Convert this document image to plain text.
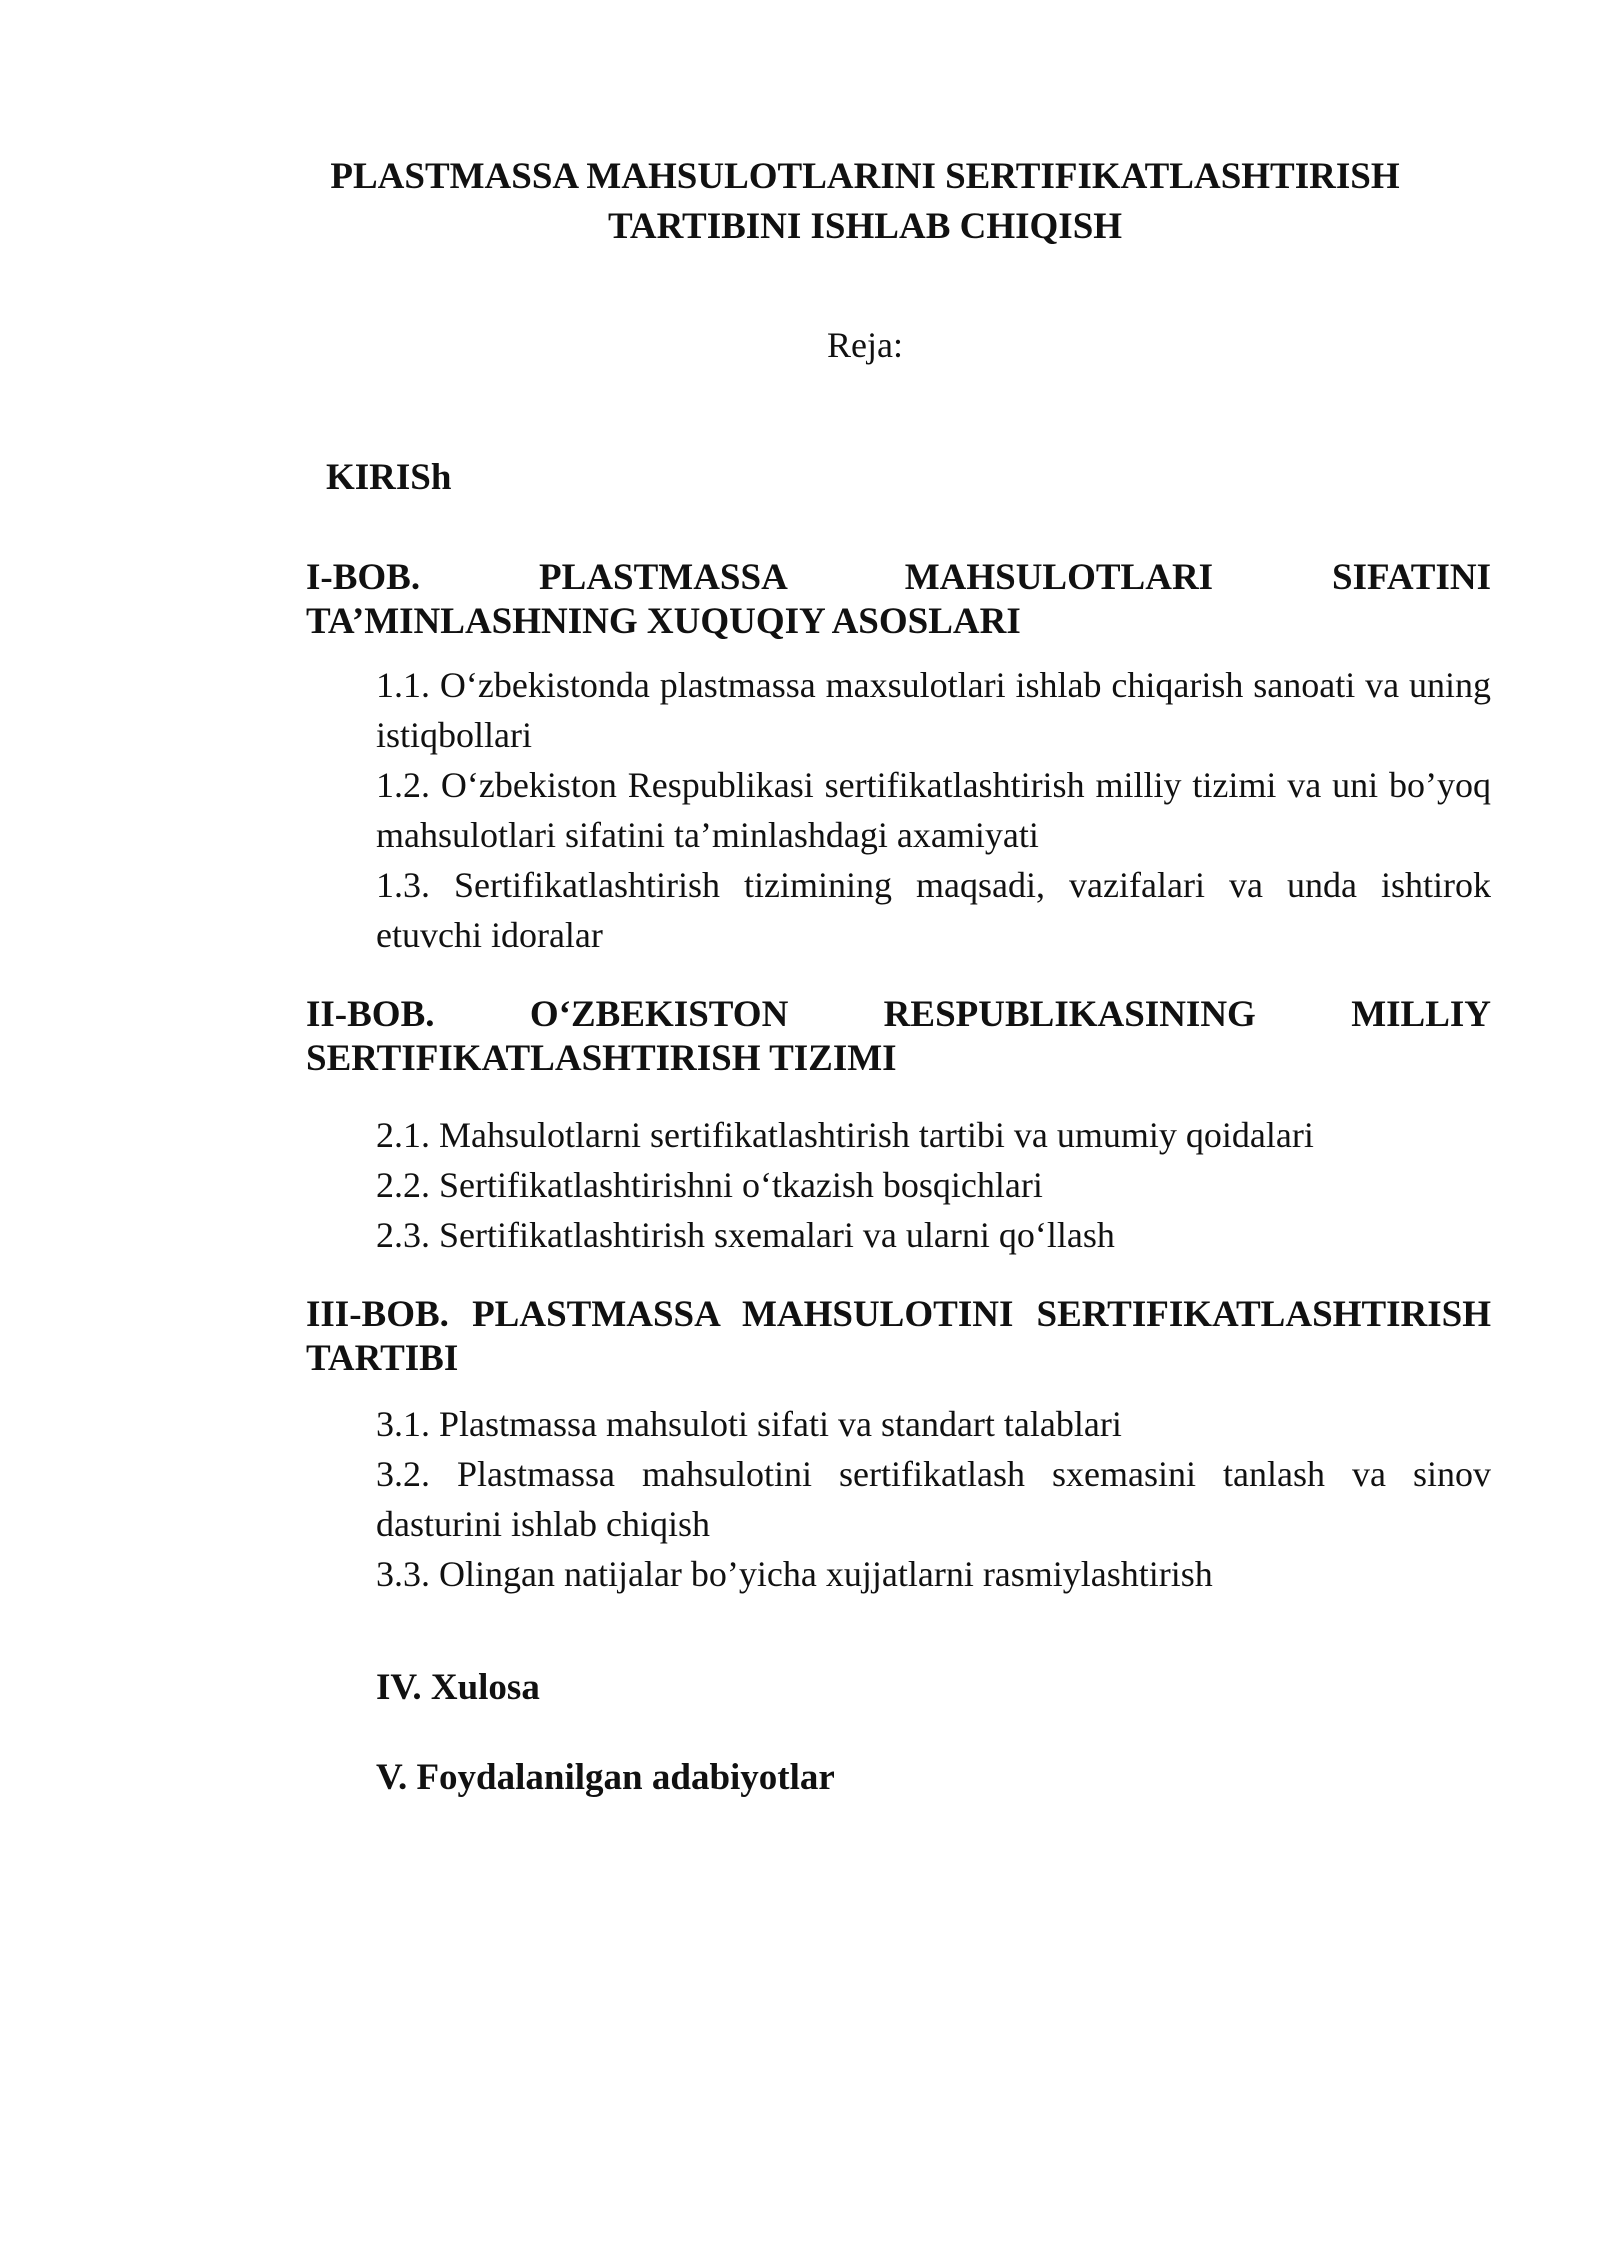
PLASTMASSA MAHSULOTLARINI SERTIFIKATLASHTIRISH
TARTIBINI ISHLAB CHIQISH
Reja:
KIRISh
I-BOB. PLASTMASSA MAHSULOTLARI SIFATINI TA’MINLASHNING XUQUQIY ASOSLARI

1.1. O‘zbekistonda plastmassa maxsulotlari ishlab chiqarish sanoati va uning istiqbollari

1.2. O‘zbekiston Respublikasi sertifikatlashtirish milliy tizimi va uni bo’yoq mahsulotlari sifatini ta’minlashdagi axamiyati

1.3. Sertifikatlashtirish tizimining maqsadi, vazifalari va unda ishtirok etuvchi idoralar

II-BOB. O‘ZBEKISTON RESPUBLIKASINING MILLIY SERTIFIKATLASHTIRISH TIZIMI

2.1. Mahsulotlarni sertifikatlashtirish tartibi va umumiy qoidalari

2.2. Sertifikatlashtirishni o‘tkazish bosqichlari

2.3. Sertifikatlashtirish sxemalari va ularni qo‘llash

III-BOB. PLASTMASSA MAHSULOTINI SERTIFIKATLASHTIRISH TARTIBI

3.1. Plastmassa mahsuloti sifati va standart talablari

3.2. Plastmassa mahsulotini sertifikatlash sxemasini tanlash va sinov dasturini ishlab chiqish

3.3. Olingan natijalar bo’yicha xujjatlarni rasmiylashtirish

IV. Xulosa
V. Foydalanilgan adabiyotlar
